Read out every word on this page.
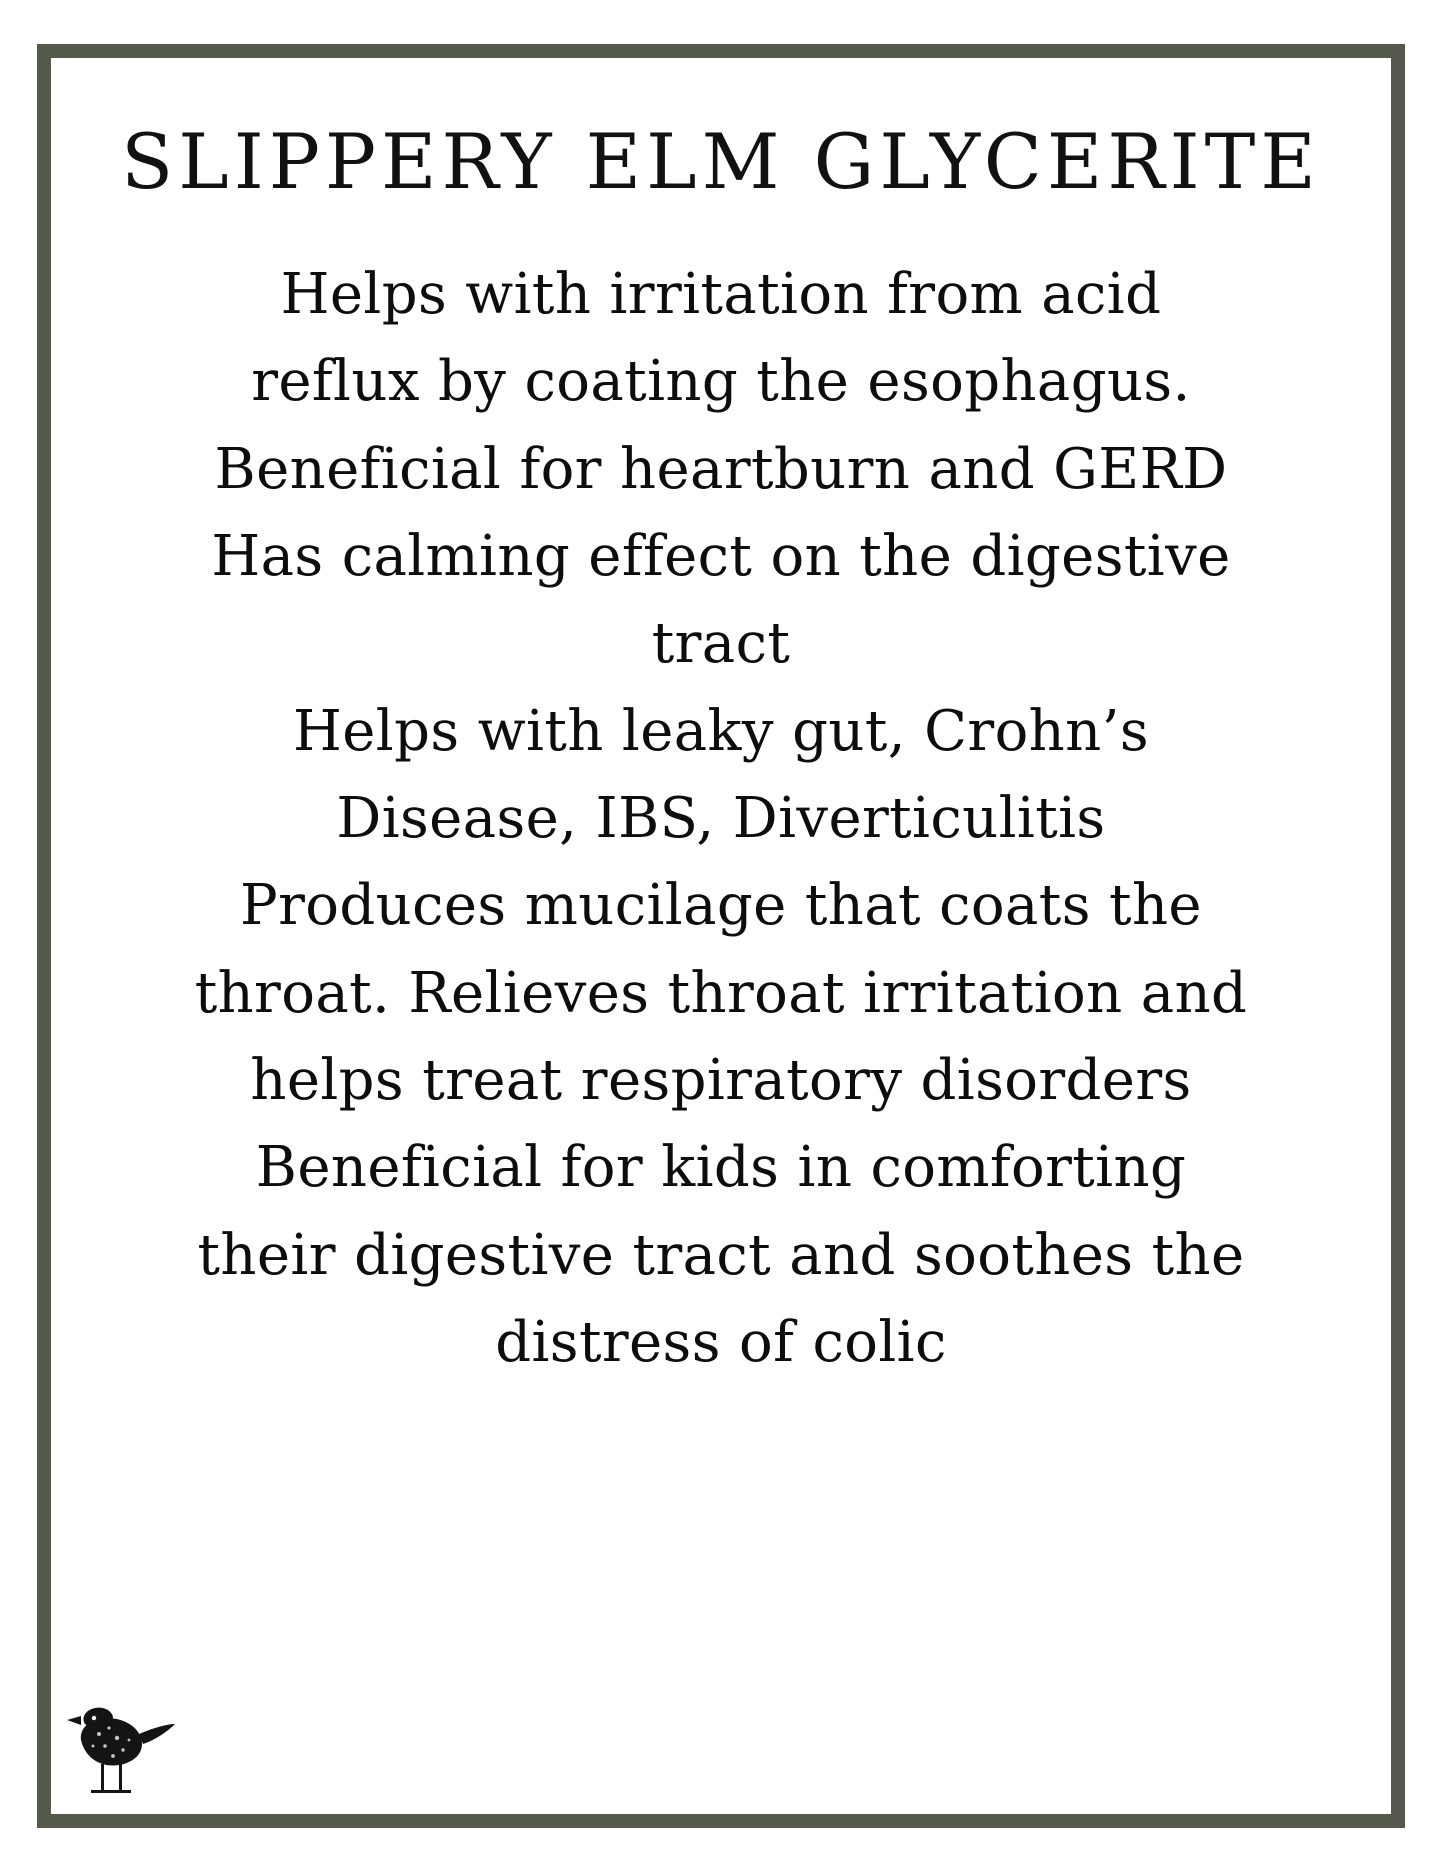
SLIPPERY ELM GLYCERITE
Helps with irritation from acid
reflux by coating the esophagus.
Beneficial for heartburn and GERD
Has calming effect on the digestive
tract
Helps with leaky gut, Crohn’s
Disease, IBS, Diverticulitis
Produces mucilage that coats the
throat. Relieves throat irritation and
helps treat respiratory disorders
Beneficial for kids in comforting
their digestive tract and soothes the
distress of colic
